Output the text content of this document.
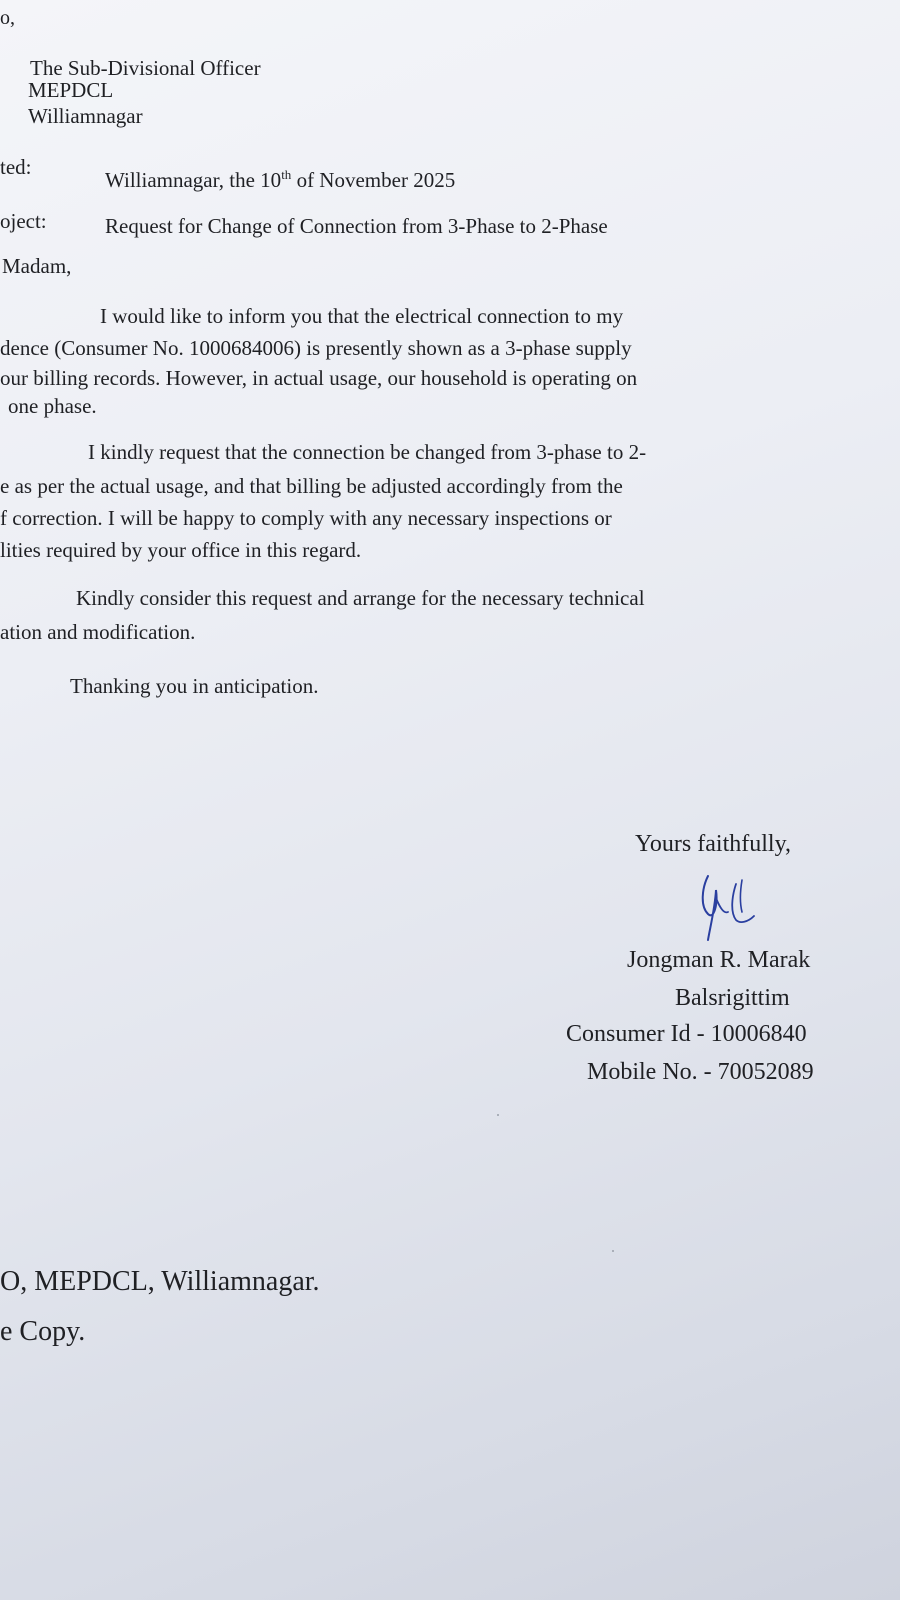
o,

The Sub-Divisional Officer

MEPDCL

Williamnagar

ted:

Williamnagar, the 10th of November 2025

oject:	Request for Change of Connection from 3-Phase to 2-Phase

Madam,

I would like to inform you that the electrical connection to my

dence (Consumer No. 1000684006) is presently shown as a 3-phase supply

our billing records. However, in actual usage, our household is operating on

one phase.

I kindly request that the connection be changed from 3-phase to 2-

e as per the actual usage, and that billing be adjusted accordingly from the

f correction. I will be happy to comply with any necessary inspections or

lities required by your office in this regard.

Kindly consider this request and arrange for the necessary technical

ation and modification.

Thanking you in anticipation.

Yours faithfully,

Jongman R. Marak

Balsrigittim

Consumer Id - 10006840

Mobile No. - 70052089

O, MEPDCL, Williamnagar.

e Copy.
